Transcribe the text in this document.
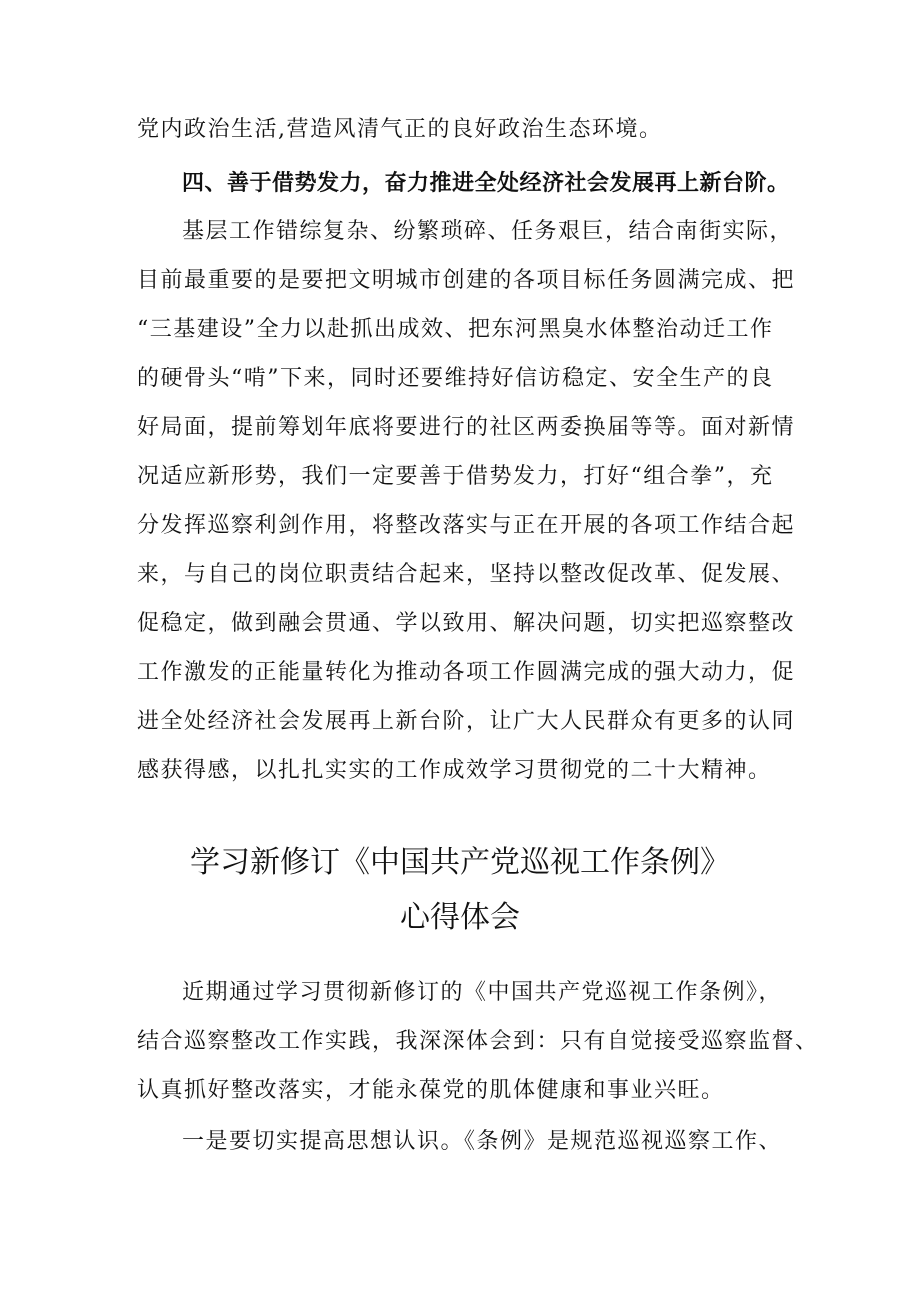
党内政治生活,营造风清气正的良好政治生态环境。
四、善于借势发力，奋力推进全处经济社会发展再上新台阶。
基层工作错综复杂、纷繁琐碎、任务艰巨，结合南街实际，
目前最重要的是要把文明城市创建的各项目标任务圆满完成、把
“三基建设”全力以赴抓出成效、把东河黑臭水体整治动迁工作
的硬骨头“啃”下来，同时还要维持好信访稳定、安全生产的良
好局面，提前筹划年底将要进行的社区两委换届等等。面对新情
况适应新形势，我们一定要善于借势发力，打好“组合拳”，充
分发挥巡察利剑作用，将整改落实与正在开展的各项工作结合起
来，与自己的岗位职责结合起来，坚持以整改促改革、促发展、
促稳定，做到融会贯通、学以致用、解决问题，切实把巡察整改
工作激发的正能量转化为推动各项工作圆满完成的强大动力，促
进全处经济社会发展再上新台阶，让广大人民群众有更多的认同
感获得感，以扎扎实实的工作成效学习贯彻党的二十大精神。
学习新修订《中国共产党巡视工作条例》
心得体会
近期通过学习贯彻新修订的《中国共产党巡视工作条例》，
结合巡察整改工作实践，我深深体会到：只有自觉接受巡察监督、
认真抓好整改落实，才能永葆党的肌体健康和事业兴旺。
一是要切实提高思想认识。《条例》是规范巡视巡察工作、
